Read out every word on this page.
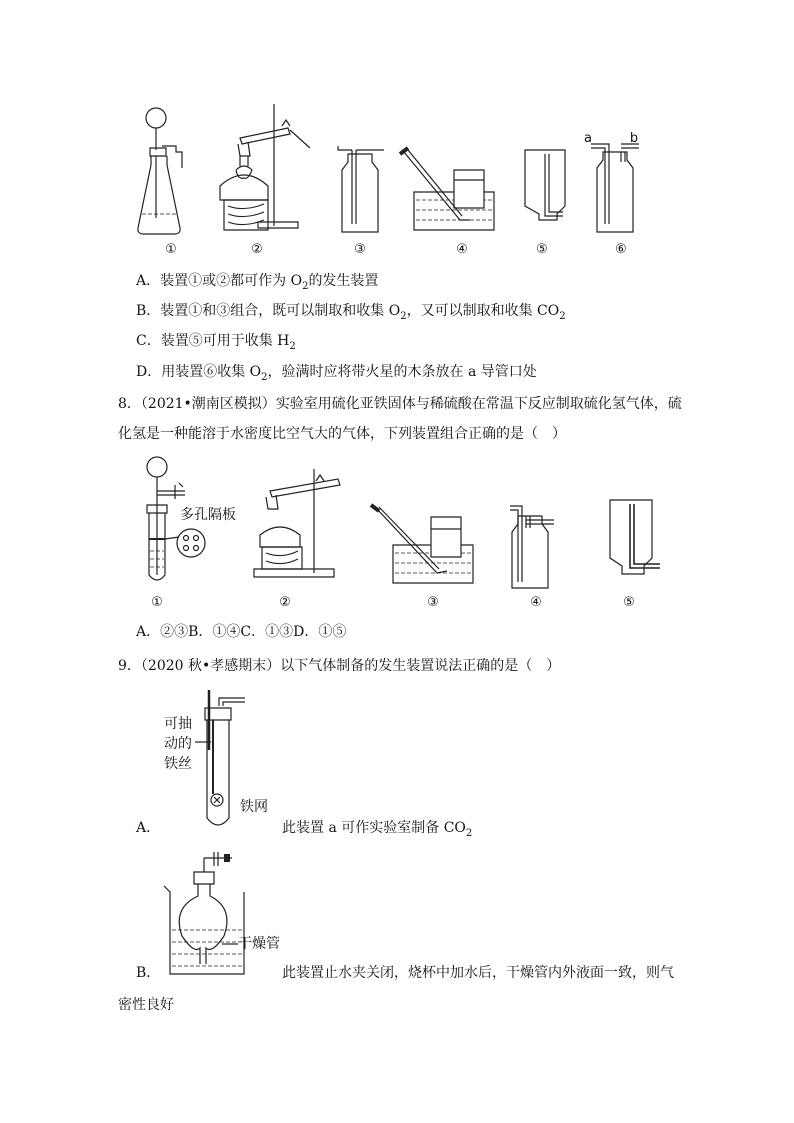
a	b
①	②	③	④	⑤	⑥
A．装置①或②都可作为 $O_2$的发生装置
B．装置①和③组合，既可以制取和收集 $O_2$，又可以制取和收集 $CO_2$
C．装置⑤可用于收集 $H_2$
D．用装置⑥收集 $O_2$，验满时应将带火星的木条放在 a 导管口处
8．（2021•潮南区模拟）实验室用硫化亚铁固体与稀硫酸在常温下反应制取硫化氢气体，硫
化氢是一种能溶于水密度比空气大的气体，下列装置组合正确的是（　）
多孔隔板
①	②	③	④	⑤
A．②③B．①④C．①③D．①⑤
9．（2020 秋•孝感期末）以下气体制备的发生装置说法正确的是（　）
可抽
动的
铁丝
铁网
A．	此装置 a 可作实验室制备 $CO_2$
干燥管
B．	此装置止水夹关闭，烧杯中加水后，干燥管内外液面一致，则气
密性良好
